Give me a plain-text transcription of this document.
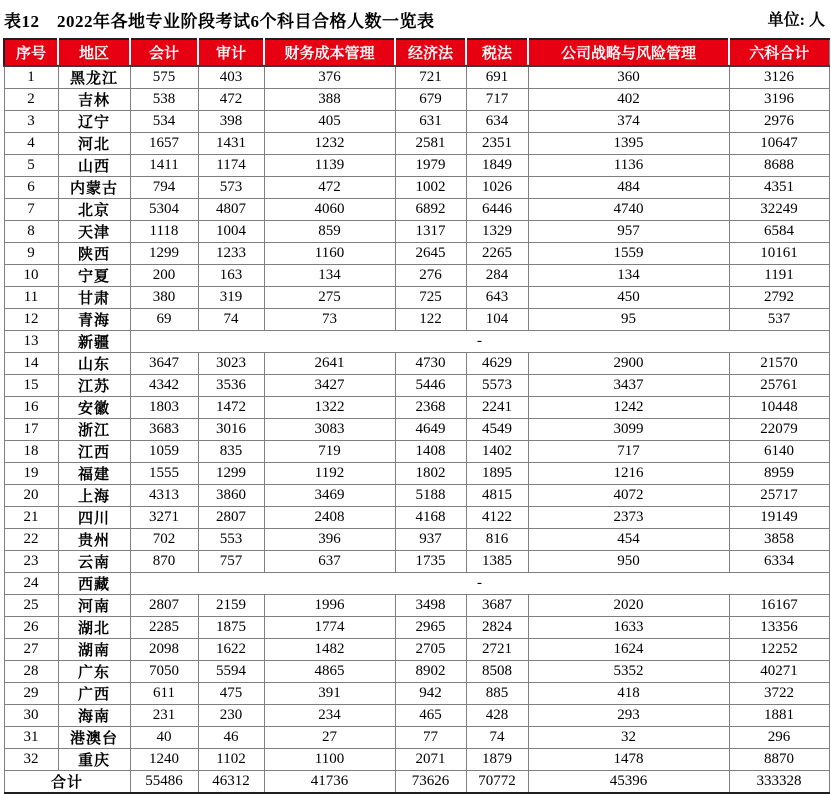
表12　2022年各地专业阶段考试6个科目合格人数一览表	单位: 人
序号	地区	会计	审计	财务成本管理	经济法	税法	公司战略与风险管理	六科合计
1	黑龙江	575	403	376	721	691	360	3126
2	吉林	538	472	388	679	717	402	3196
3	辽宁	534	398	405	631	634	374	2976
4	河北	1657	1431	1232	2581	2351	1395	10647
5	山西	1411	1174	1139	1979	1849	1136	8688
6	内蒙古	794	573	472	1002	1026	484	4351
7	北京	5304	4807	4060	6892	6446	4740	32249
8	天津	1118	1004	859	1317	1329	957	6584
9	陕西	1299	1233	1160	2645	2265	1559	10161
10	宁夏	200	163	134	276	284	134	1191
11	甘肃	380	319	275	725	643	450	2792
12	青海	69	74	73	122	104	95	537
13	新疆	-						
14	山东	3647	3023	2641	4730	4629	2900	21570
15	江苏	4342	3536	3427	5446	5573	3437	25761
16	安徽	1803	1472	1322	2368	2241	1242	10448
17	浙江	3683	3016	3083	4649	4549	3099	22079
18	江西	1059	835	719	1408	1402	717	6140
19	福建	1555	1299	1192	1802	1895	1216	8959
20	上海	4313	3860	3469	5188	4815	4072	25717
21	四川	3271	2807	2408	4168	4122	2373	19149
22	贵州	702	553	396	937	816	454	3858
23	云南	870	757	637	1735	1385	950	6334
24	西藏	-						
25	河南	2807	2159	1996	3498	3687	2020	16167
26	湖北	2285	1875	1774	2965	2824	1633	13356
27	湖南	2098	1622	1482	2705	2721	1624	12252
28	广东	7050	5594	4865	8902	8508	5352	40271
29	广西	611	475	391	942	885	418	3722
30	海南	231	230	234	465	428	293	1881
31	港澳台	40	46	27	77	74	32	296
32	重庆	1240	1102	1100	2071	1879	1478	8870
合计		55486	46312	41736	73626	70772	45396	333328
